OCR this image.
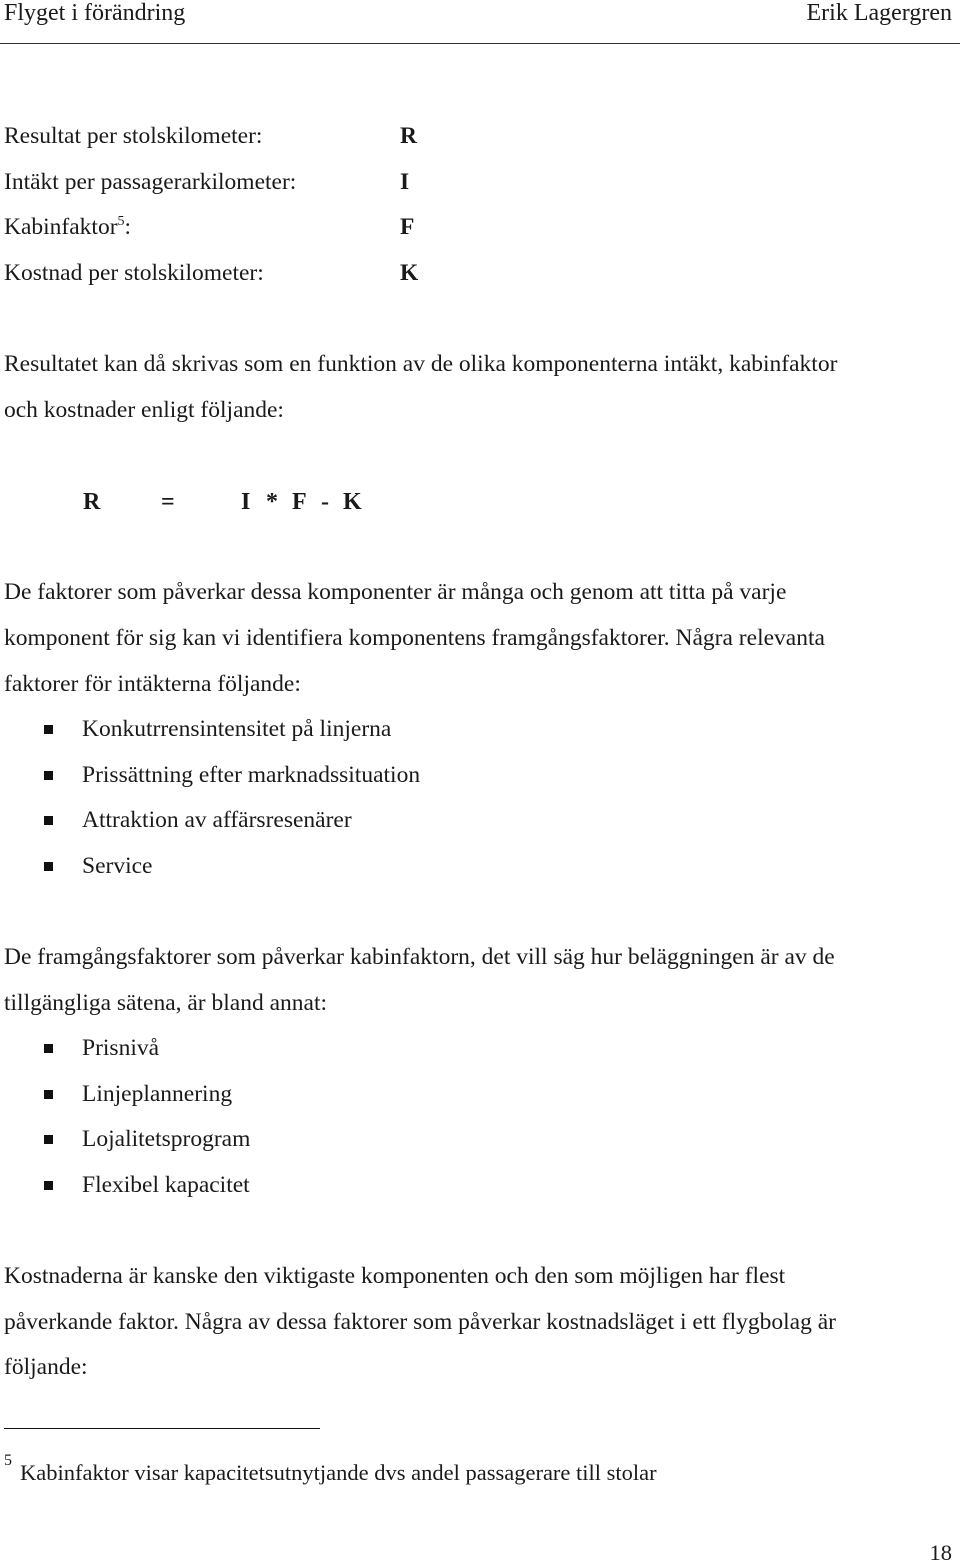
Flyget i förändring	Erik Lagergren
Resultat per stolskilometer:	R
Intäkt per passagerarkilometer:	I
Kabinfaktor$^5$:	F
Kostnad per stolskilometer:	K
Resultatet kan då skrivas som en funktion av de olika komponenterna intäkt, kabinfaktor
och kostnader enligt följande:
R	=	I * F - K
De faktorer som påverkar dessa komponenter är många och genom att titta på varje
komponent för sig kan vi identifiera komponentens framgångsfaktorer. Några relevanta
faktorer för intäkterna följande:
Konkutrrensintensitet på linjerna
Prissättning efter marknadssituation
Attraktion av affärsresenärer
Service
De framgångsfaktorer som påverkar kabinfaktorn, det vill säg hur beläggningen är av de
tillgängliga sätena, är bland annat:
Prisnivå
Linjeplannering
Lojalitetsprogram
Flexibel kapacitet
Kostnaderna är kanske den viktigaste komponenten och den som möjligen har flest
påverkande faktor. Några av dessa faktorer som påverkar kostnadsläget i ett flygbolag är
följande:
5 Kabinfaktor visar kapacitetsutnytjande dvs andel passagerare till stolar
18
